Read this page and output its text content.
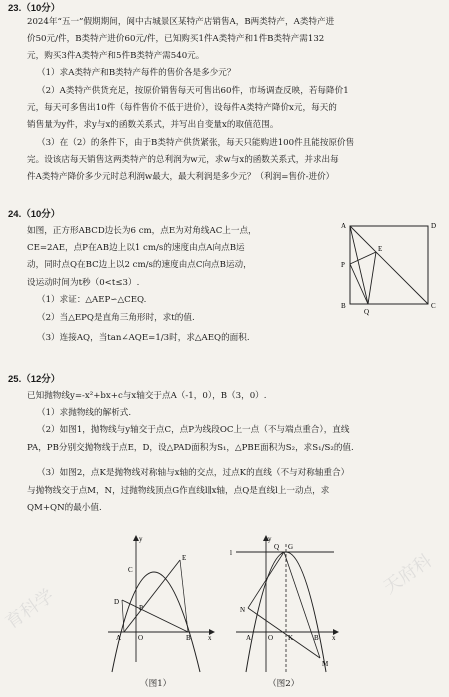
育科学
天府科
23.（10分）
2024年“五一”假期期间，阆中古城景区某特产店销售A，B两类特产，A类特产进
价50元/件，B类特产进价60元/件，已知购买1件A类特产和1件B类特产需132
元，购买3件A类特产和5件B类特产需540元。
（1）求A类特产和B类特产每件的售价各是多少元？
（2）A类特产供货充足，按原价销售每天可售出60件，市场调查反映，若每降价1
元，每天可多售出10件（每件售价不低于进价），设每件A类特产降价x元，每天的
销售量为y件，求y与x的函数关系式，并写出自变量x的取值范围。
（3）在（2）的条件下，由于B类特产供货紧张，每天只能购进100件且能按原价售
完。设该店每天销售这两类特产的总利润为w元，求w与x的函数关系式，并求出每
件A类特产降价多少元时总利润w最大，最大利润是多少元？（利润=售价-进价）
24.（10分）
如图，正方形ABCD边长为6 cm，点E为对角线AC上一点，
CE=2AE，点P在AB边上以1 cm/s的速度由点A向点B运
动，同时点Q在BC边上以2 cm/s的速度由点C向点B运动，
设运动时间为t秒（0<t≤3）.
（1）求证：△AEP∽△CEQ.
（2）当△EPQ是直角三角形时，求t的值.
（3）连接AQ，当tan∠AQE=1/3时，求△AEQ的面积.
A	D
E
P
B
Q
C
25.（12分）
已知抛物线y=-x²+bx+c与x轴交于点A（-1，0），B（3，0）.
（1）求抛物线的解析式.
（2）如图1，抛物线与y轴交于点C，点P为线段OC上一点（不与端点重合），直线
PA，PB分别交抛物线于点E，D，设△PAD面积为S₁，△PBE面积为S₂，求S₁/S₂的值.
（3）如图2，点K是抛物线对称轴与x轴的交点，过点K的直线（不与对称轴重合）
与抛物线交于点M，N，过抛物线顶点G作直线l∥x轴，点Q是直线l上一动点，求
QM+QN的最小值.
y
C
E
D
P
A O	B x
（图1）
y
l
Q G
N
A O K	B x
M
（图2）
